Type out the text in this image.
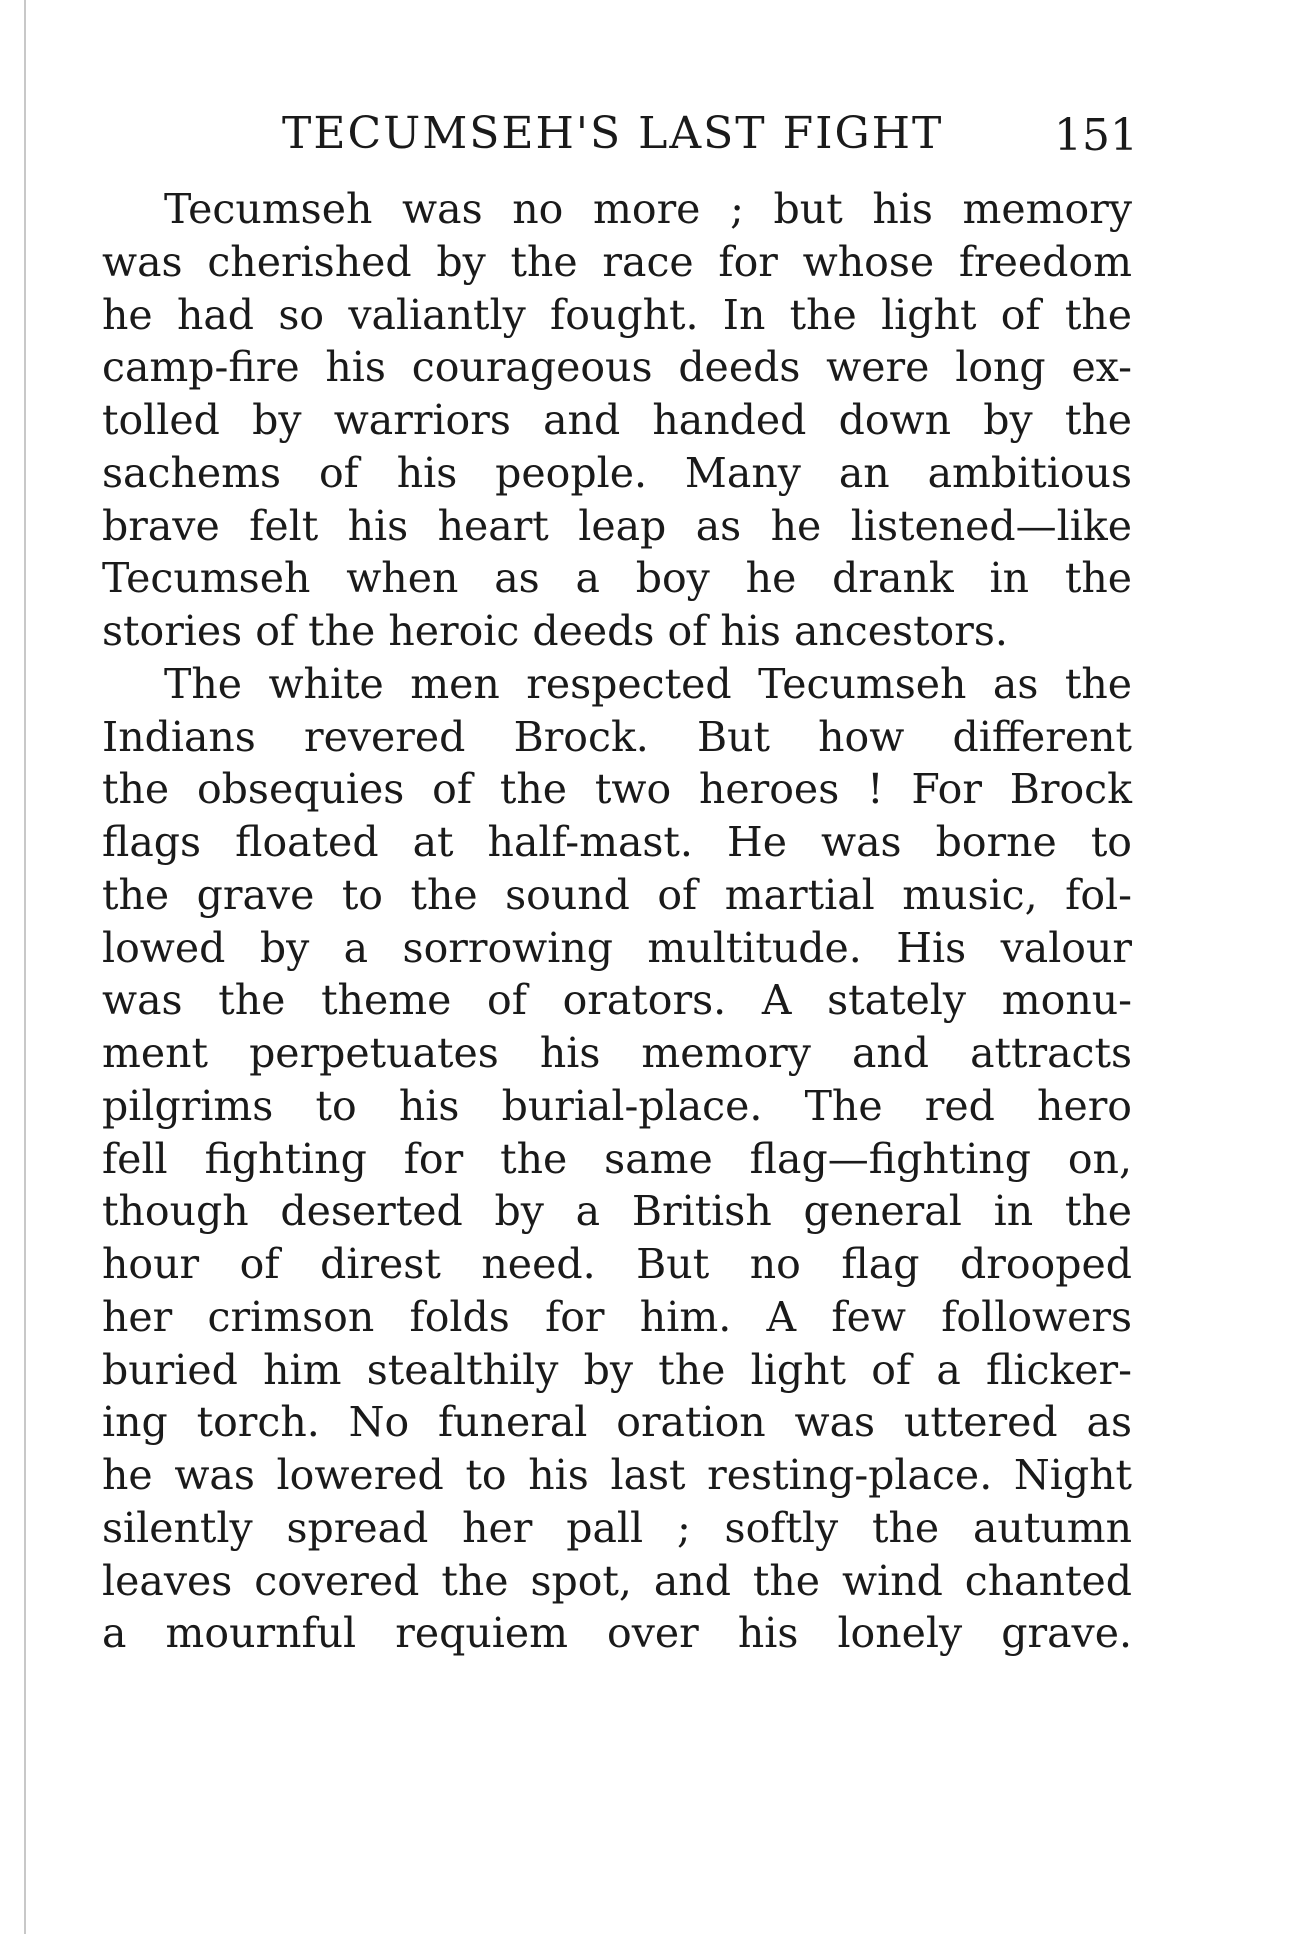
TECUMSEH'S LAST FIGHT	151
Tecumseh was no more ; but his memory
was cherished by the race for whose freedom
he had so valiantly fought. In the light of the
camp-fire his courageous deeds were long ex-
tolled by warriors and handed down by the
sachems of his people. Many an ambitious
brave felt his heart leap as he listened—like
Tecumseh when as a boy he drank in the
stories of the heroic deeds of his ancestors.
The white men respected Tecumseh as the
Indians revered Brock. But how different
the obsequies of the two heroes ! For Brock
flags floated at half-mast. He was borne to
the grave to the sound of martial music, fol-
lowed by a sorrowing multitude. His valour
was the theme of orators. A stately monu-
ment perpetuates his memory and attracts
pilgrims to his burial-place. The red hero
fell fighting for the same flag—fighting on,
though deserted by a British general in the
hour of direst need. But no flag drooped
her crimson folds for him. A few followers
buried him stealthily by the light of a flicker-
ing torch. No funeral oration was uttered as
he was lowered to his last resting-place. Night
silently spread her pall ; softly the autumn
leaves covered the spot, and the wind chanted
a mournful requiem over his lonely grave.
